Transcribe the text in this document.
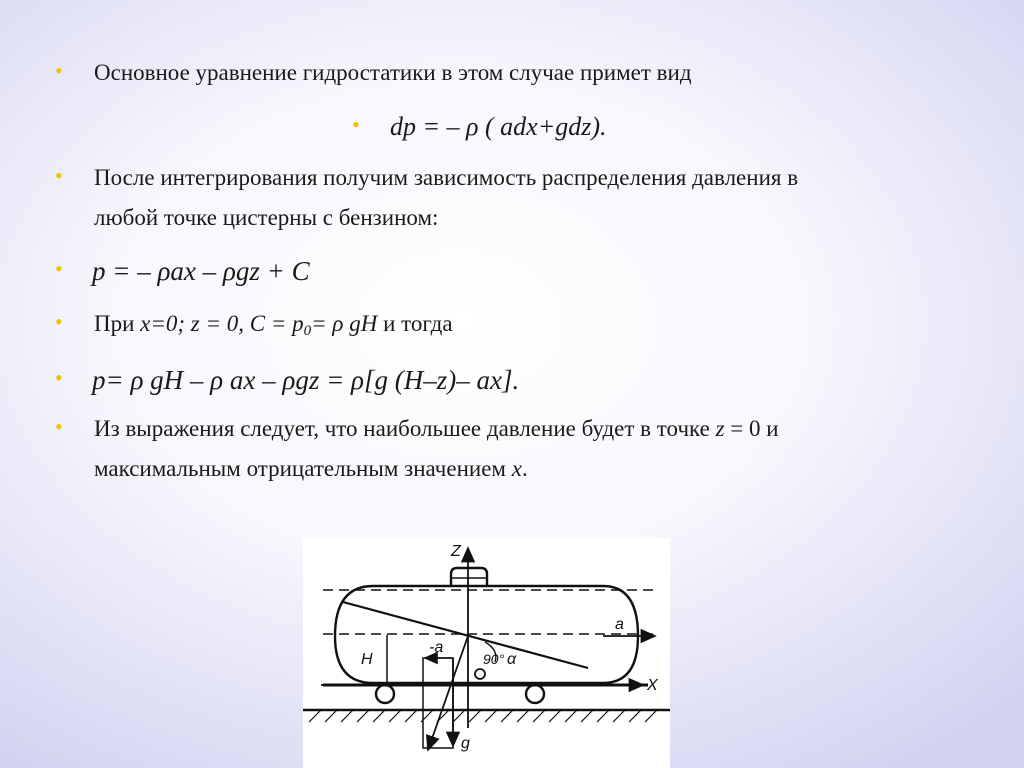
• Основное уравнение гидростатики в этом случае примет вид
• dp = – ρ ( adx+gdz).
• После интегрирования получим зависимость распределения давления в
любой точке цистерны с бензином:
• p = – ρax – ρgz + C
• При x=0; z = 0, $C = p_0= \rho$ gH и тогда
• p= ρ gH – ρ ax – ρgz = ρ[g (H–z)– ax].
• Из выражения следует, что наибольшее давление будет в точке z = 0 и
максимальным отрицательным значением x.
Z
X
a
-a
H	90° α
g
